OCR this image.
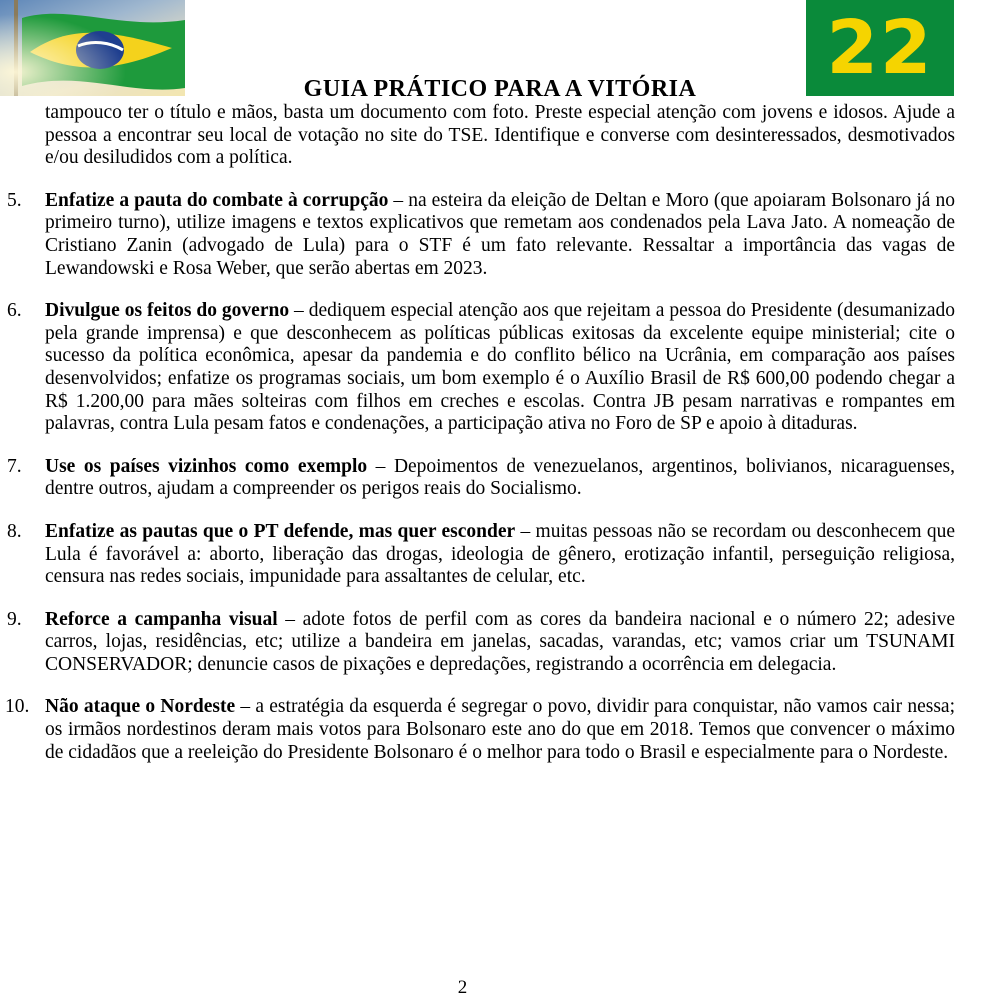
22
GUIA PRÁTICO PARA A VITÓRIA

tampouco ter o título e mãos, basta um documento com foto. Preste especial atenção com jovens e idosos. Ajude a pessoa a encontrar seu local de votação no site do TSE. Identifique e converse com desinteressados, desmotivados e/ou desiludidos com a política.

5. Enfatize a pauta do combate à corrupção – na esteira da eleição de Deltan e Moro (que apoiaram Bolsonaro já no primeiro turno), utilize imagens e textos explicativos que remetam aos condenados pela Lava Jato. A nomeação de Cristiano Zanin (advogado de Lula) para o STF é um fato relevante. Ressaltar a importância das vagas de Lewandowski e Rosa Weber, que serão abertas em 2023.

6. Divulgue os feitos do governo – dediquem especial atenção aos que rejeitam a pessoa do Presidente (desumanizado pela grande imprensa) e que desconhecem as políticas públicas exitosas da excelente equipe ministerial; cite o sucesso da política econômica, apesar da pandemia e do conflito bélico na Ucrânia, em comparação aos países desenvolvidos; enfatize os programas sociais, um bom exemplo é o Auxílio Brasil de R$ 600,00 podendo chegar a R$ 1.200,00 para mães solteiras com filhos em creches e escolas. Contra JB pesam narrativas e rompantes em palavras, contra Lula pesam fatos e condenações, a participação ativa no Foro de SP e apoio à ditaduras.

7. Use os países vizinhos como exemplo – Depoimentos de venezuelanos, argentinos, bolivianos, nicaraguenses, dentre outros, ajudam a compreender os perigos reais do Socialismo.

8. Enfatize as pautas que o PT defende, mas quer esconder – muitas pessoas não se recordam ou desconhecem que Lula é favorável a: aborto, liberação das drogas, ideologia de gênero, erotização infantil, perseguição religiosa, censura nas redes sociais, impunidade para assaltantes de celular, etc.

9. Reforce a campanha visual – adote fotos de perfil com as cores da bandeira nacional e o número 22; adesive carros, lojas, residências, etc; utilize a bandeira em janelas, sacadas, varandas, etc; vamos criar um TSUNAMI CONSERVADOR; denuncie casos de pixações e depredações, registrando a ocorrência em delegacia.

10. Não ataque o Nordeste – a estratégia da esquerda é segregar o povo, dividir para conquistar, não vamos cair nessa; os irmãos nordestinos deram mais votos para Bolsonaro este ano do que em 2018. Temos que convencer o máximo de cidadãos que a reeleição do Presidente Bolsonaro é o melhor para todo o Brasil e especialmente para o Nordeste.

2
